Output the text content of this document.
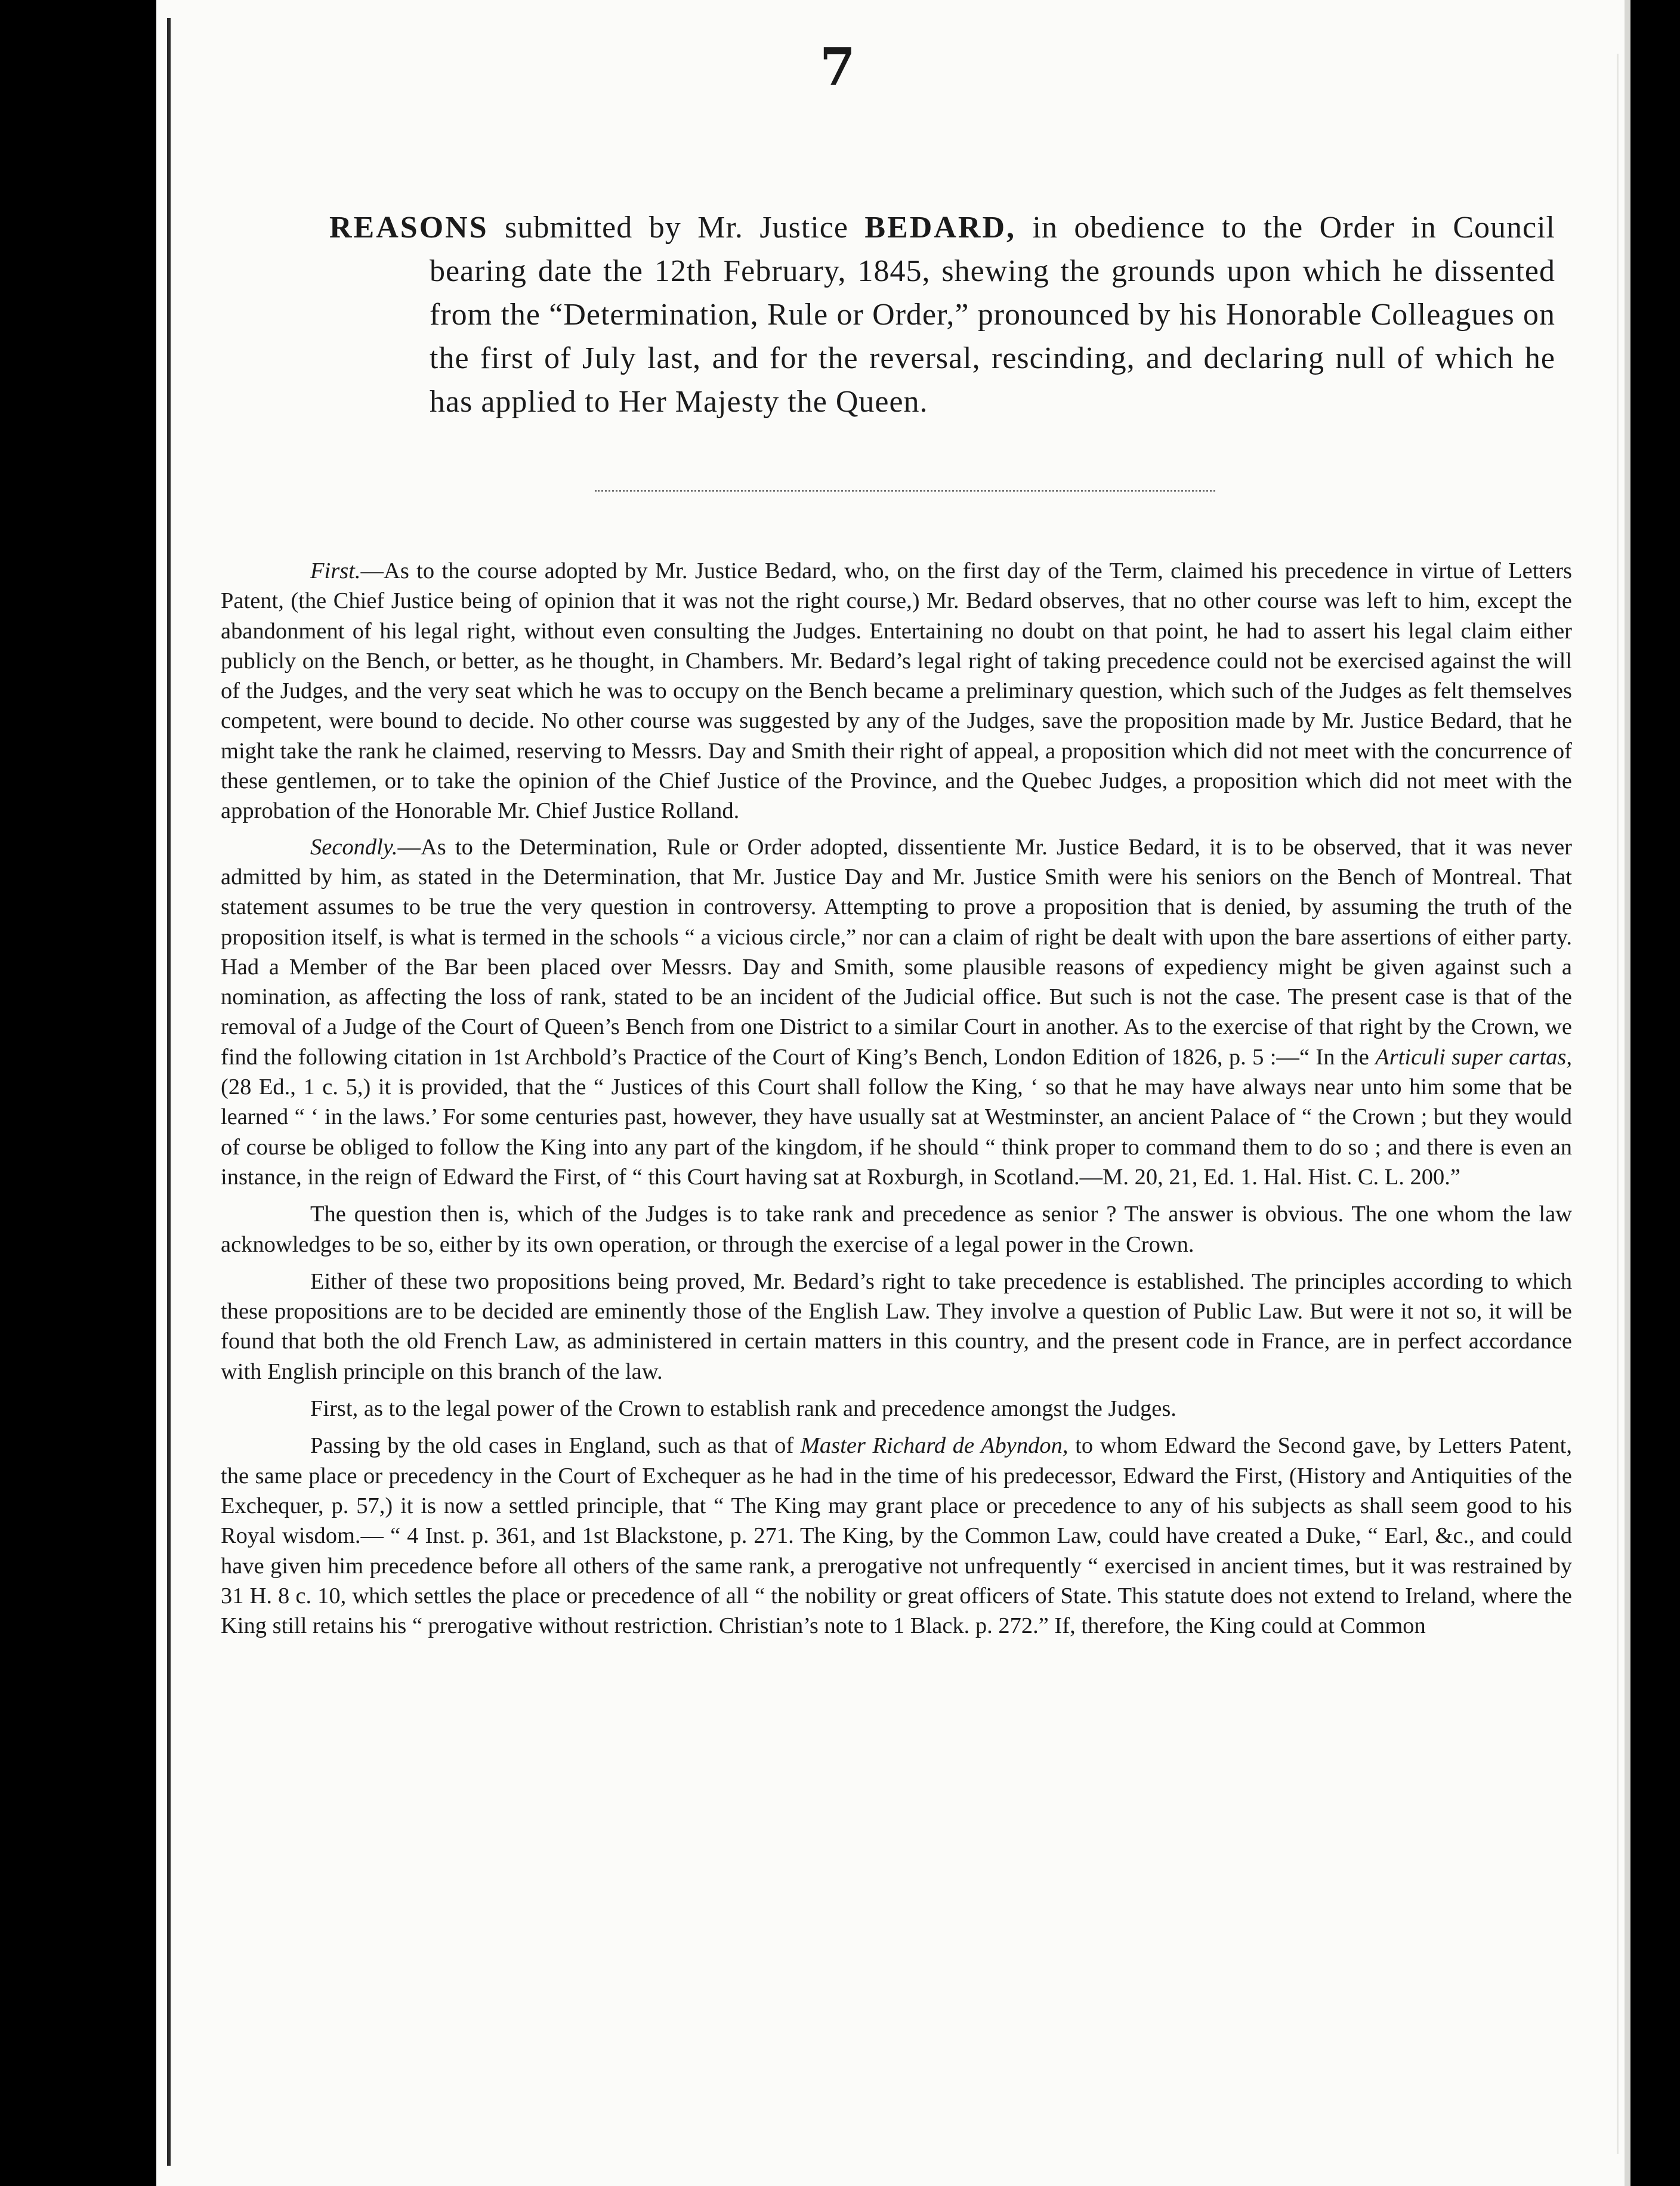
7
REASONS submitted by Mr. Justice BEDARD, in obedience to the Order in Council bearing date the 12th February, 1845, shewing the grounds upon which he dissented from the “Determination, Rule or Order,” pronounced by his Honorable Colleagues on the first of July last, and for the reversal, rescinding, and declaring null of which he has applied to Her Majesty the Queen.

First.—As to the course adopted by Mr. Justice Bedard, who, on the first day of the Term, claimed his precedence in virtue of Letters Patent, (the Chief Justice being of opinion that it was not the right course,) Mr. Bedard observes, that no other course was left to him, except the abandonment of his legal right, without even consulting the Judges. Entertaining no doubt on that point, he had to assert his legal claim either publicly on the Bench, or better, as he thought, in Chambers. Mr. Bedard’s legal right of taking precedence could not be exercised against the will of the Judges, and the very seat which he was to occupy on the Bench became a preliminary question, which such of the Judges as felt themselves competent, were bound to decide. No other course was suggested by any of the Judges, save the proposition made by Mr. Justice Bedard, that he might take the rank he claimed, reserving to Messrs. Day and Smith their right of appeal, a proposition which did not meet with the concurrence of these gentlemen, or to take the opinion of the Chief Justice of the Province, and the Quebec Judges, a proposition which did not meet with the approbation of the Honorable Mr. Chief Justice Rolland.

Secondly.—As to the Determination, Rule or Order adopted, dissentiente Mr. Justice Bedard, it is to be observed, that it was never admitted by him, as stated in the Determination, that Mr. Justice Day and Mr. Justice Smith were his seniors on the Bench of Montreal. That statement assumes to be true the very question in controversy. Attempting to prove a proposition that is denied, by assuming the truth of the proposition itself, is what is termed in the schools “ a vicious circle,” nor can a claim of right be dealt with upon the bare assertions of either party. Had a Member of the Bar been placed over Messrs. Day and Smith, some plausible reasons of expediency might be given against such a nomination, as affecting the loss of rank, stated to be an incident of the Judicial office. But such is not the case. The present case is that of the removal of a Judge of the Court of Queen’s Bench from one District to a similar Court in another. As to the exercise of that right by the Crown, we find the following citation in 1st Archbold’s Practice of the Court of King’s Bench, London Edition of 1826, p. 5 :—“ In the Articuli super cartas, (28 Ed., 1 c. 5,) it is provided, that the “ Justices of this Court shall follow the King, ‘ so that he may have always near unto him some that be learned “ ‘ in the laws.’ For some centuries past, however, they have usually sat at Westminster, an ancient Palace of “ the Crown ; but they would of course be obliged to follow the King into any part of the kingdom, if he should “ think proper to command them to do so ; and there is even an instance, in the reign of Edward the First, of “ this Court having sat at Roxburgh, in Scotland.—M. 20, 21, Ed. 1. Hal. Hist. C. L. 200.”

The question then is, which of the Judges is to take rank and precedence as senior ? The answer is obvious. The one whom the law acknowledges to be so, either by its own operation, or through the exercise of a legal power in the Crown.

Either of these two propositions being proved, Mr. Bedard’s right to take precedence is established. The principles according to which these propositions are to be decided are eminently those of the English Law. They involve a question of Public Law. But were it not so, it will be found that both the old French Law, as administered in certain matters in this country, and the present code in France, are in perfect accordance with English principle on this branch of the law.

First, as to the legal power of the Crown to establish rank and precedence amongst the Judges.

Passing by the old cases in England, such as that of Master Richard de Abyndon, to whom Edward the Second gave, by Letters Patent, the same place or precedency in the Court of Exchequer as he had in the time of his predecessor, Edward the First, (History and Antiquities of the Exchequer, p. 57,) it is now a settled principle, that “ The King may grant place or precedence to any of his subjects as shall seem good to his Royal wisdom.— “ 4 Inst. p. 361, and 1st Blackstone, p. 271. The King, by the Common Law, could have created a Duke, “ Earl, &c., and could have given him precedence before all others of the same rank, a prerogative not unfrequently “ exercised in ancient times, but it was restrained by 31 H. 8 c. 10, which settles the place or precedence of all “ the nobility or great officers of State. This statute does not extend to Ireland, where the King still retains his “ prerogative without restriction. Christian’s note to 1 Black. p. 272.” If, therefore, the King could at Common
